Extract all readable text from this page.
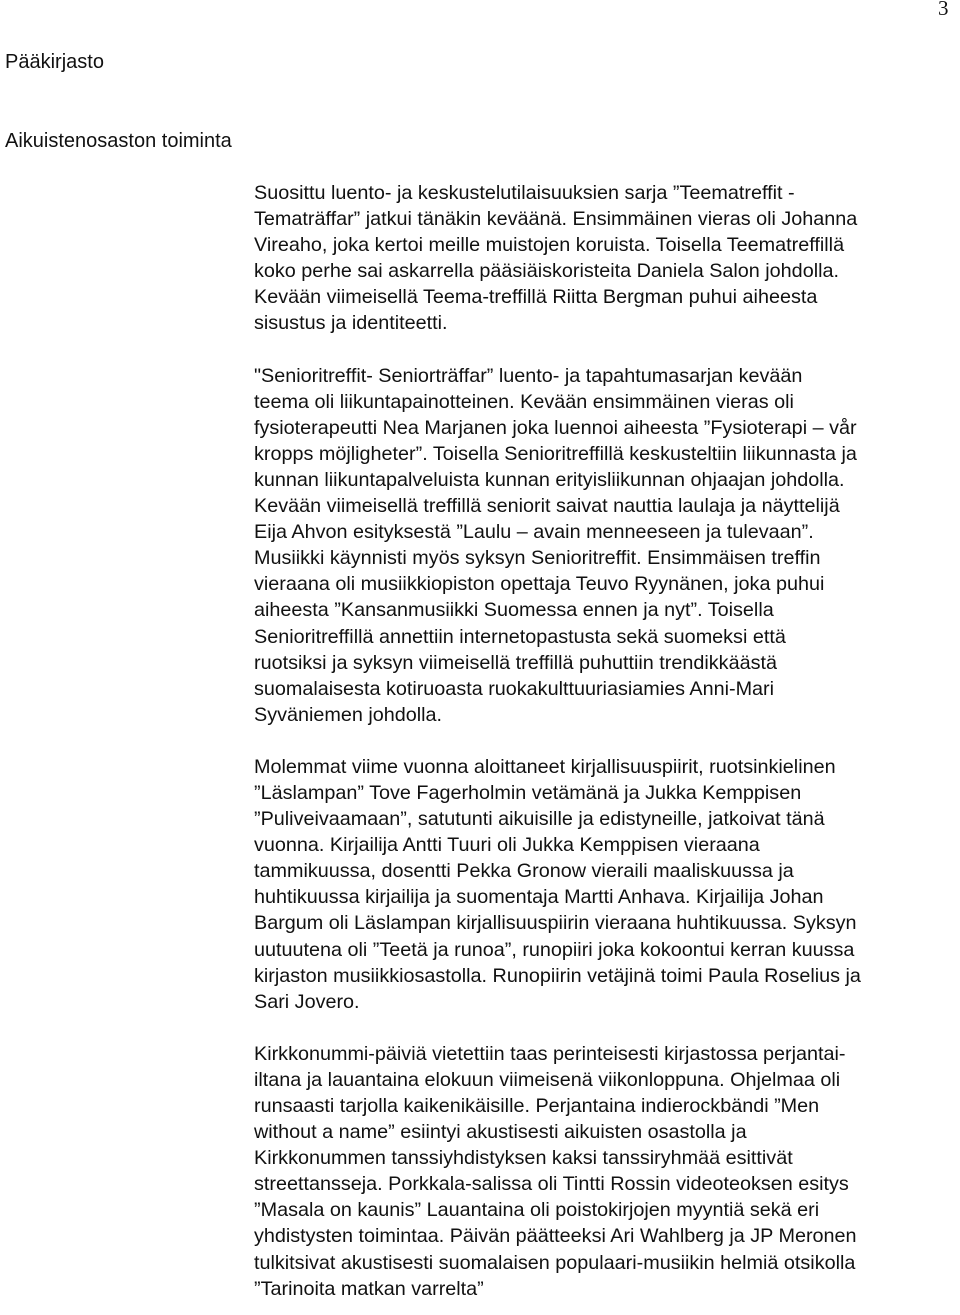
3
Pääkirjasto
Aikuistenosaston toiminta
Suosittu luento- ja keskustelutilaisuuksien sarja ”Teematreffit -
Tematräffar” jatkui tänäkin keväänä. Ensimmäinen vieras oli Johanna
Vireaho, joka kertoi meille muistojen koruista. Toisella Teematreffillä
koko perhe sai askarrella pääsiäiskoristeita Daniela Salon johdolla.
Kevään viimeisellä Teema-treffillä Riitta Bergman puhui aiheesta
sisustus ja identiteetti.
"Senioritreffit- Seniorträffar” luento- ja tapahtumasarjan kevään
teema oli liikuntapainotteinen. Kevään ensimmäinen vieras oli
fysioterapeutti Nea Marjanen joka luennoi aiheesta ”Fysioterapi – vår
kropps möjligheter”. Toisella Senioritreffillä keskusteltiin liikunnasta ja
kunnan liikuntapalveluista kunnan erityisliikunnan ohjaajan johdolla.
Kevään viimeisellä treffillä seniorit saivat nauttia laulaja ja näyttelijä
Eija Ahvon esityksestä ”Laulu – avain menneeseen ja tulevaan”.
Musiikki käynnisti myös syksyn Senioritreffit. Ensimmäisen treffin
vieraana oli musiikkiopiston opettaja Teuvo Ryynänen, joka puhui
aiheesta ”Kansanmusiikki Suomessa ennen ja nyt”. Toisella
Senioritreffillä annettiin internetopastusta sekä suomeksi että
ruotsiksi ja syksyn viimeisellä treffillä puhuttiin trendikkäästä
suomalaisesta kotiruoasta ruokakulttuuriasiamies Anni-Mari
Syväniemen johdolla.
Molemmat viime vuonna aloittaneet kirjallisuuspiirit, ruotsinkielinen
”Läslampan” Tove Fagerholmin vetämänä ja Jukka Kemppisen
”Puliveivaamaan”, satutunti aikuisille ja edistyneille, jatkoivat tänä
vuonna. Kirjailija Antti Tuuri oli Jukka Kemppisen vieraana
tammikuussa, dosentti Pekka Gronow vieraili maaliskuussa ja
huhtikuussa kirjailija ja suomentaja Martti Anhava. Kirjailija Johan
Bargum oli Läslampan kirjallisuuspiirin vieraana huhtikuussa. Syksyn
uutuutena oli ”Teetä ja runoa”, runopiiri joka kokoontui kerran kuussa
kirjaston musiikkiosastolla. Runopiirin vetäjinä toimi Paula Roselius ja
Sari Jovero.
Kirkkonummi-päiviä vietettiin taas perinteisesti kirjastossa perjantai-
iltana ja lauantaina elokuun viimeisenä viikonloppuna. Ohjelmaa oli
runsaasti tarjolla kaikenikäisille. Perjantaina indierockbändi ”Men
without a name” esiintyi akustisesti aikuisten osastolla ja
Kirkkonummen tanssiyhdistyksen kaksi tanssiryhmää esittivät
streettansseja. Porkkala-salissa oli Tintti Rossin videoteoksen esitys
”Masala on kaunis” Lauantaina oli poistokirjojen myyntiä sekä eri
yhdistysten toimintaa. Päivän päätteeksi Ari Wahlberg ja JP Meronen
tulkitsivat akustisesti suomalaisen populaari-musiikin helmiä otsikolla
”Tarinoita matkan varrelta”
